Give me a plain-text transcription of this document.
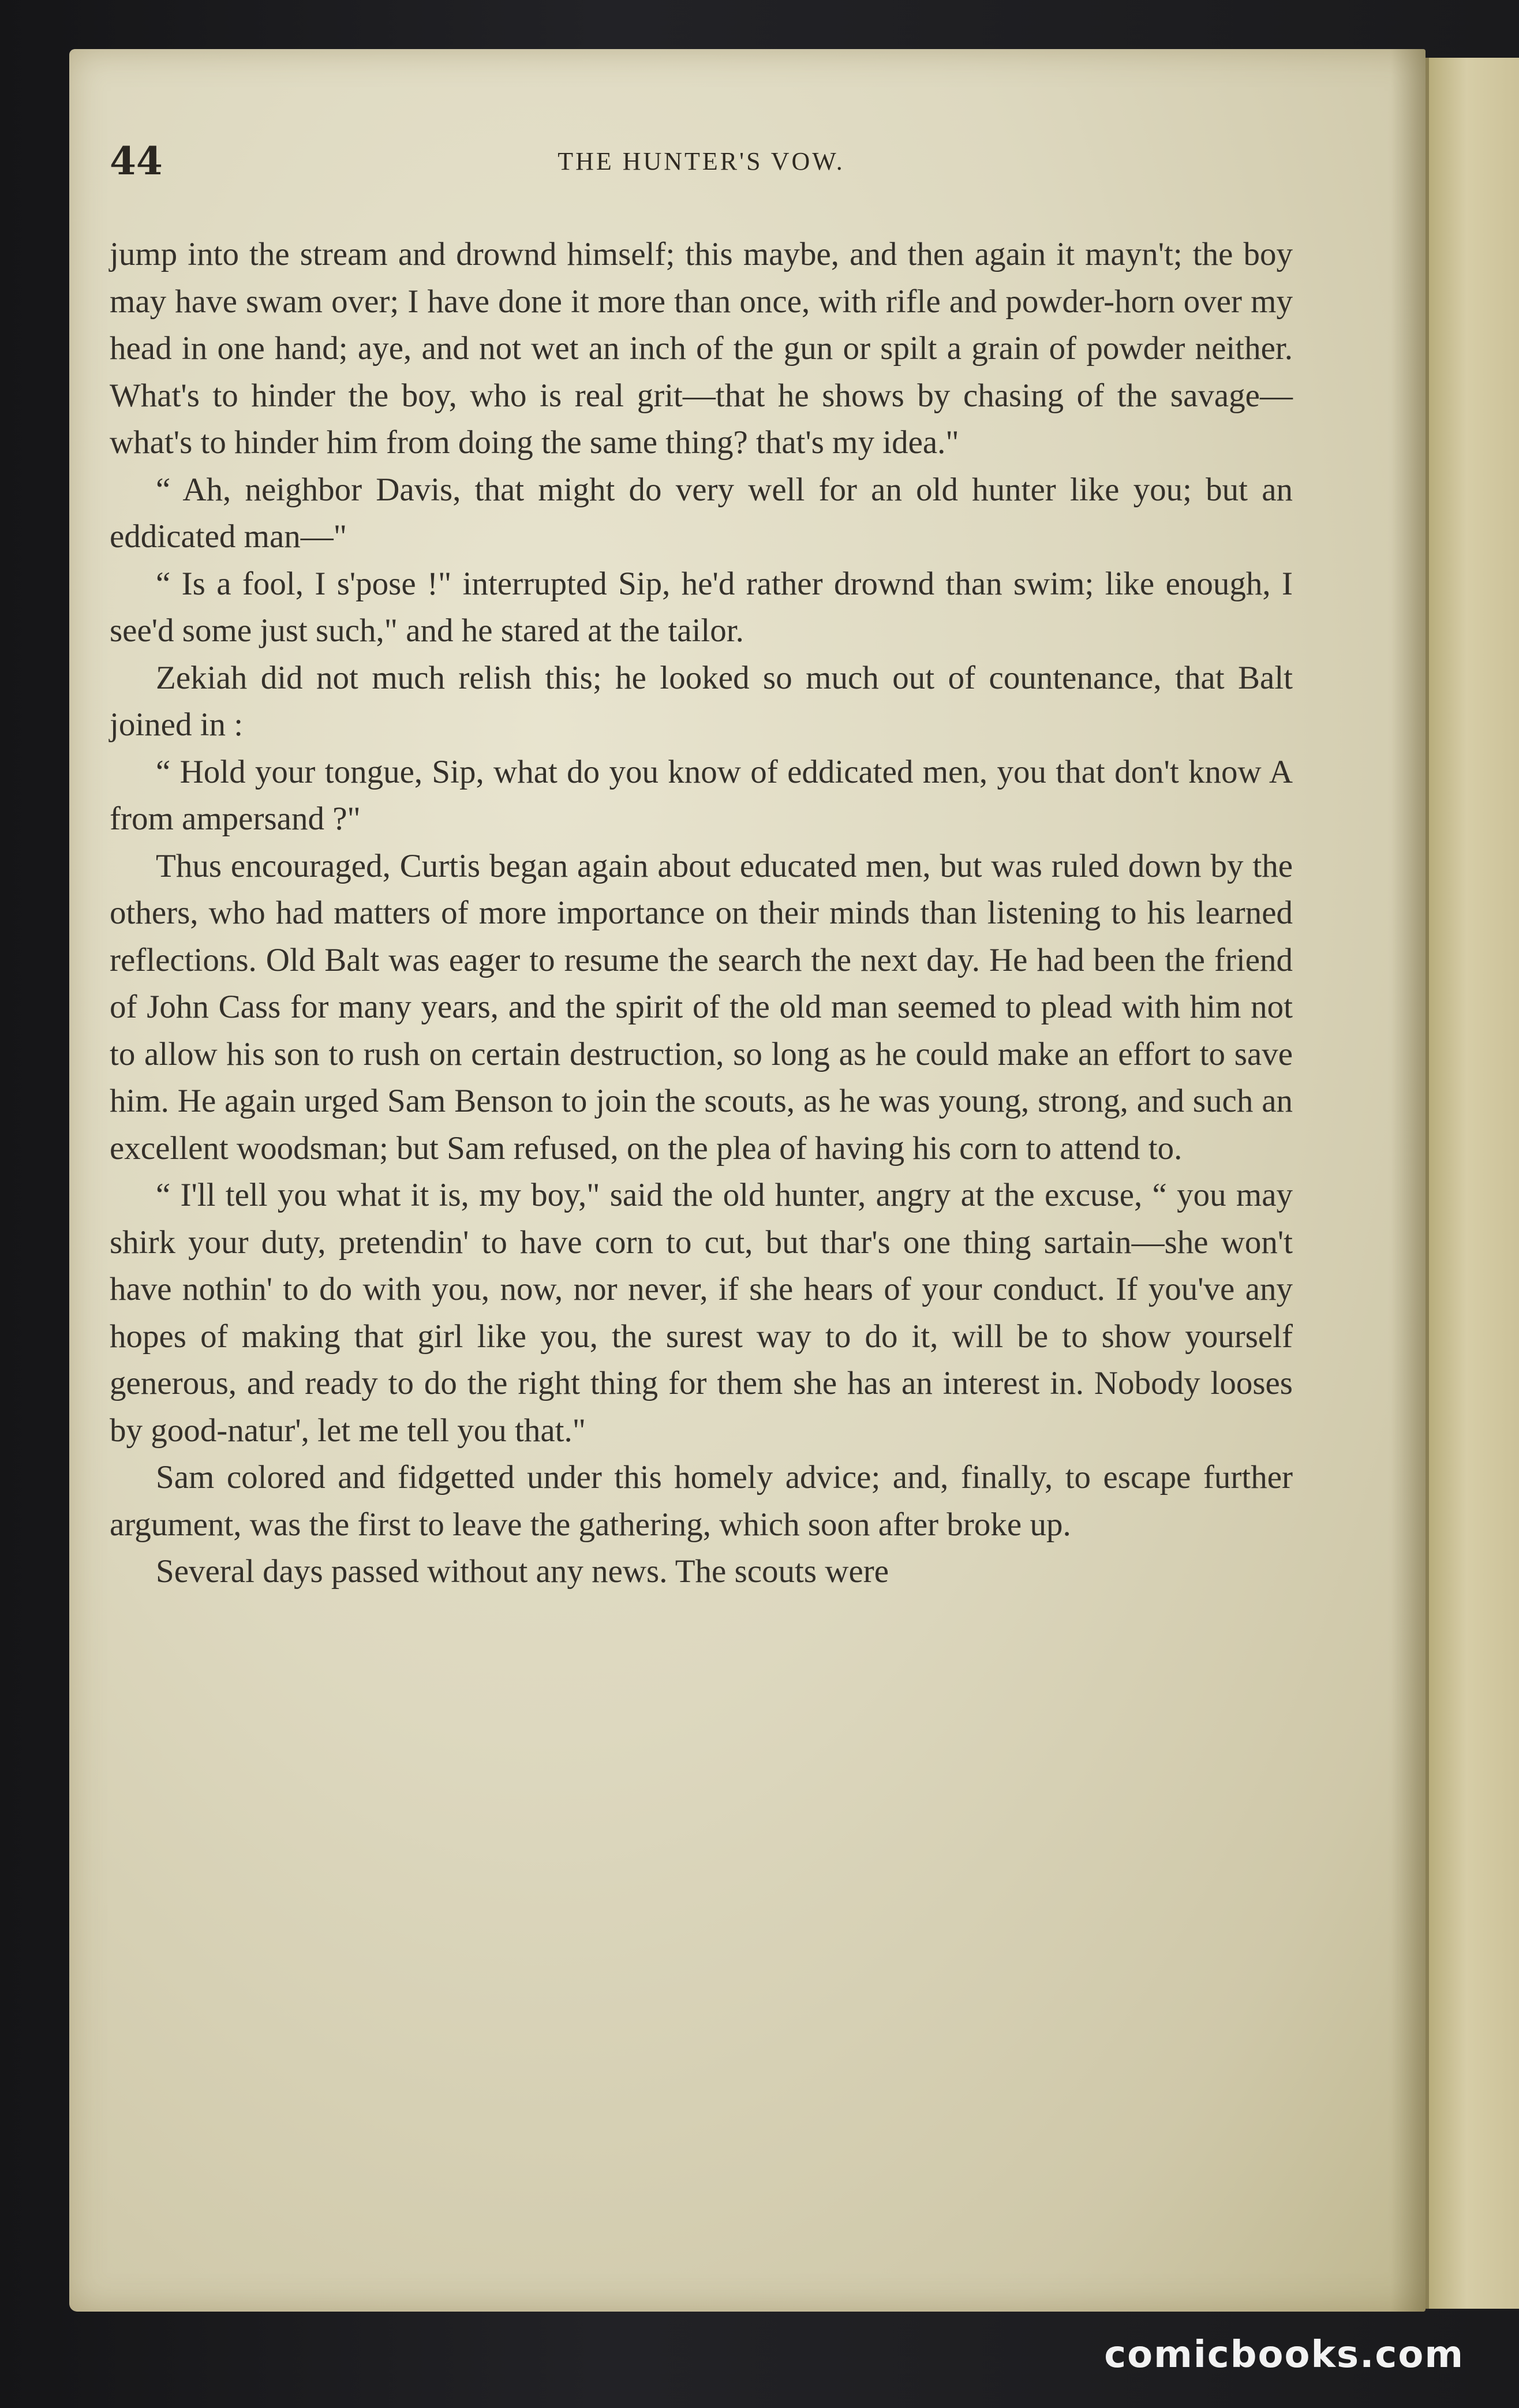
44	THE HUNTER'S VOW.

jump into the stream and drownd himself; this maybe, and then again it mayn't; the boy may have swam over; I have done it more than once, with rifle and powder-horn over my head in one hand; aye, and not wet an inch of the gun or spilt a grain of powder neither. What's to hinder the boy, who is real grit—that he shows by chasing of the savage—what's to hinder him from doing the same thing? that's my idea."

“ Ah, neighbor Davis, that might do very well for an old hunter like you; but an eddicated man—"

“ Is a fool, I s'pose !" interrupted Sip, he'd rather drownd than swim; like enough, I see'd some just such," and he stared at the tailor.

Zekiah did not much relish this; he looked so much out of countenance, that Balt joined in :

“ Hold your tongue, Sip, what do you know of eddicated men, you that don't know A from ampersand ?"

Thus encouraged, Curtis began again about educated men, but was ruled down by the others, who had matters of more importance on their minds than listening to his learned reflections. Old Balt was eager to resume the search the next day. He had been the friend of John Cass for many years, and the spirit of the old man seemed to plead with him not to allow his son to rush on certain destruction, so long as he could make an effort to save him. He again urged Sam Benson to join the scouts, as he was young, strong, and such an excellent woodsman; but Sam refused, on the plea of having his corn to attend to.

“ I'll tell you what it is, my boy," said the old hunter, angry at the excuse, “ you may shirk your duty, pretendin' to have corn to cut, but thar's one thing sartain—she won't have nothin' to do with you, now, nor never, if she hears of your conduct. If you've any hopes of making that girl like you, the surest way to do it, will be to show yourself generous, and ready to do the right thing for them she has an interest in. Nobody looses by good-natur', let me tell you that."

Sam colored and fidgetted under this homely advice; and, finally, to escape further argument, was the first to leave the gathering, which soon after broke up.

Several days passed without any news. The scouts were

comicbooks.com
